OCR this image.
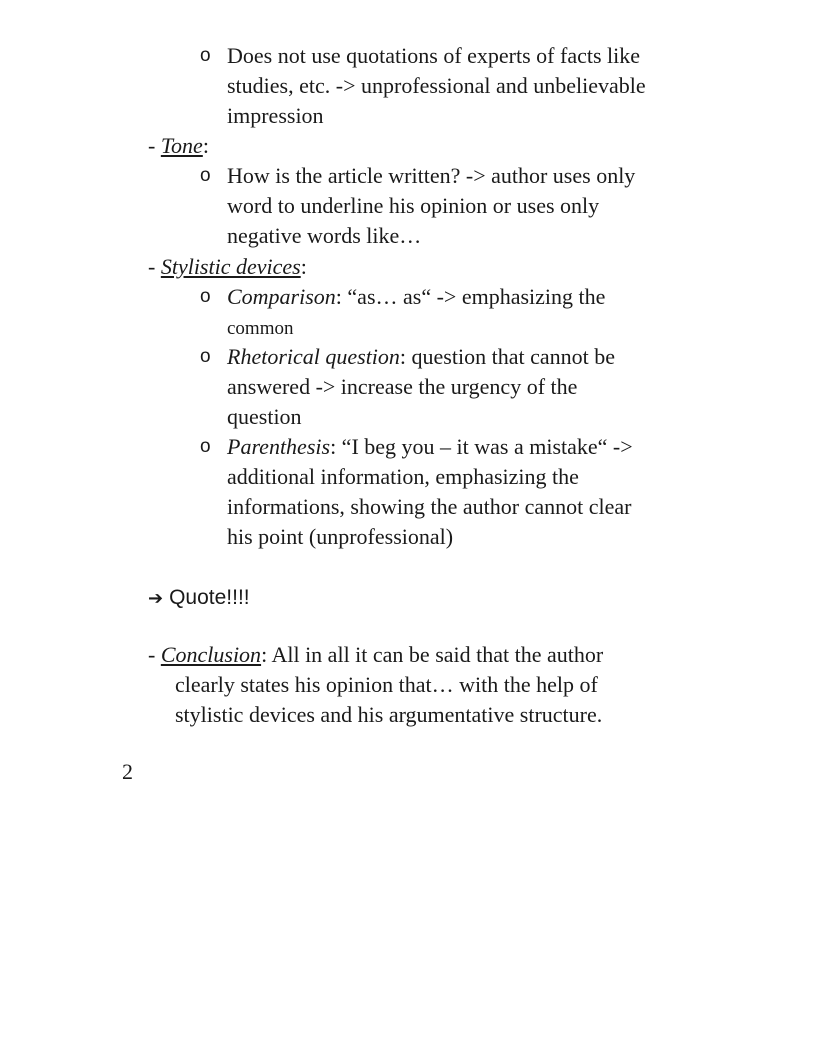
o Does not use quotations of experts of facts like
studies, etc. -> unprofessional and unbelievable
impression
- Tone:
o How is the article written? -> author uses only
word to underline his opinion or uses only
negative words like…
- Stylistic devices:
o Comparison: “as… as“ -> emphasizing the
common
o Rhetorical question: question that cannot be
answered -> increase the urgency of the
question
o Parenthesis: “I beg you – it was a mistake“ ->
additional information, emphasizing the
informations, showing the author cannot clear
his point (unprofessional)
➔ Quote!!!!
- Conclusion: All in all it can be said that the author
clearly states his opinion that… with the help of
stylistic devices and his argumentative structure.
2
